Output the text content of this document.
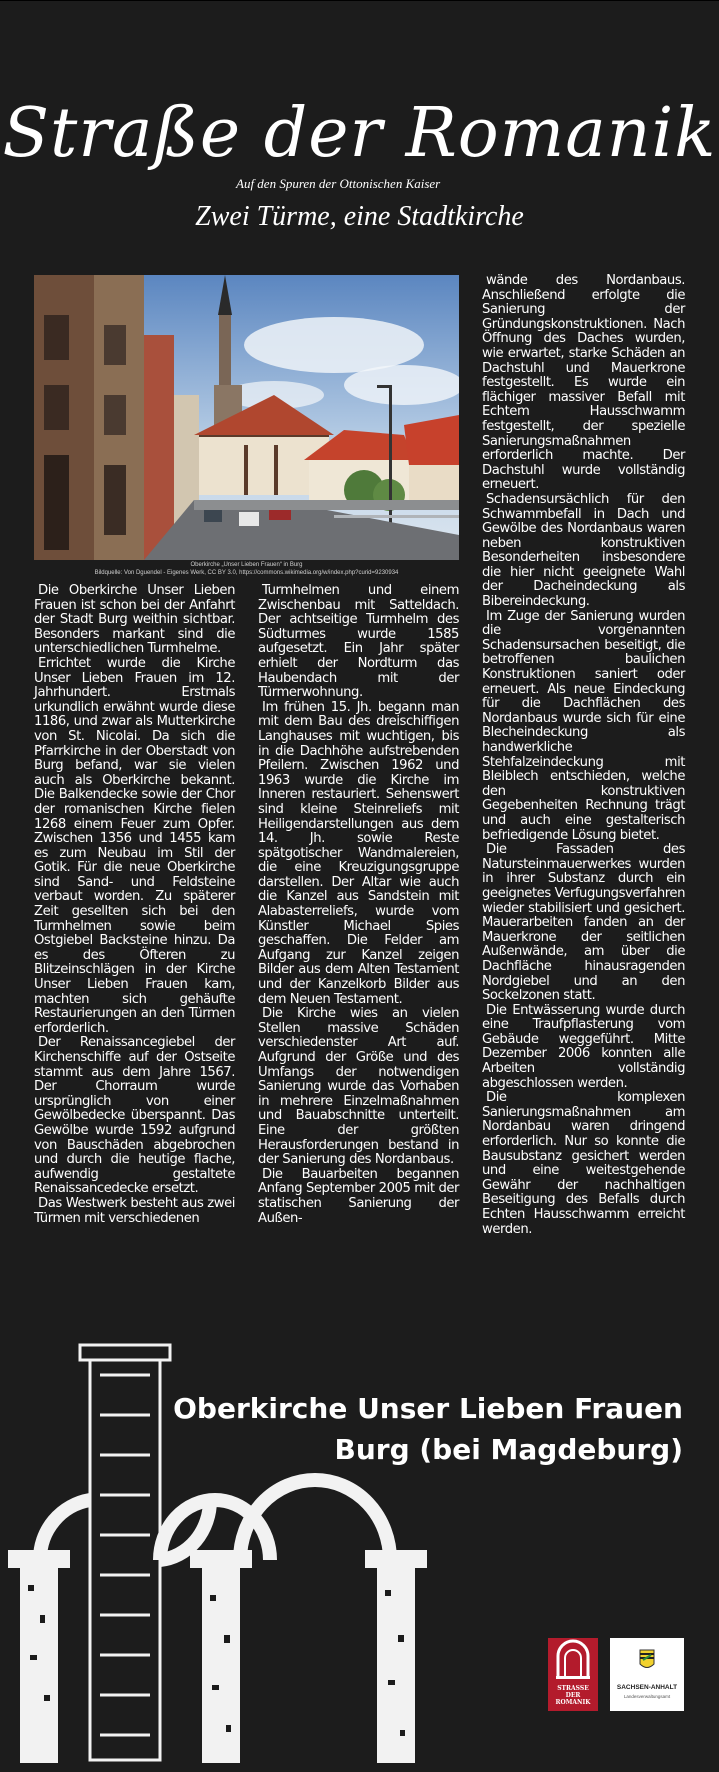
Straße der Romanik
Auf den Spuren der Ottonischen Kaiser
Zwei Türme, eine Stadtkirche
Oberkirche „Unser Lieben Frauen“ in Burg
Bildquelle: Von Dguendel - Eigenes Werk, CC BY 3.0, https://commons.wikimedia.org/w/index.php?curid=9230934

Die Oberkirche Unser Lieben Frauen ist schon bei der Anfahrt der Stadt Burg weithin sichtbar. Besonders markant sind die unterschiedlichen Turmhelme.

Errichtet wurde die Kirche Unser Lieben Frauen im 12. Jahrhundert. Erstmals urkundlich erwähnt wurde diese 1186, und zwar als Mutterkirche von St. Nicolai. Da sich die Pfarrkirche in der Oberstadt von Burg befand, war sie vielen auch als Oberkirche bekannt. Die Balkendecke sowie der Chor der romanischen Kirche fielen 1268 einem Feuer zum Opfer. Zwischen 1356 und 1455 kam es zum Neubau im Stil der Gotik. Für die neue Oberkirche sind Sand- und Feldsteine verbaut worden. Zu späterer Zeit gesellten sich bei den Turmhelmen sowie beim Ostgiebel Backsteine hinzu. Da es des Öfteren zu Blitzeinschlägen in der Kirche Unser Lieben Frauen kam, machten sich gehäufte Restaurierungen an den Türmen erforderlich.

Der Renaissancegiebel der Kirchenschiffe auf der Ostseite stammt aus dem Jahre 1567. Der Chorraum wurde ursprünglich von einer Gewölbedecke überspannt. Das Gewölbe wurde 1592 aufgrund von Bauschäden abgebrochen und durch die heutige flache, aufwendig gestaltete Renaissancedecke ersetzt.

Das Westwerk besteht aus zwei Türmen mit verschiedenen

Turmhelmen und einem Zwischenbau mit Satteldach. Der achtseitige Turmhelm des Südturmes wurde 1585 aufgesetzt. Ein Jahr später erhielt der Nordturm das Haubendach mit der Türmerwohnung.

Im frühen 15. Jh. begann man mit dem Bau des dreischiffigen Langhauses mit wuchtigen, bis in die Dachhöhe aufstrebenden Pfeilern. Zwischen 1962 und 1963 wurde die Kirche im Inneren restauriert. Sehenswert sind kleine Steinreliefs mit Heiligendarstellungen aus dem 14. Jh. sowie Reste spätgotischer Wandmalereien, die eine Kreuzigungsgruppe darstellen. Der Altar wie auch die Kanzel aus Sandstein mit Alabasterreliefs, wurde vom Künstler Michael Spies geschaffen. Die Felder am Aufgang zur Kanzel zeigen Bilder aus dem Alten Testament und der Kanzelkorb Bilder aus dem Neuen Testament.

Die Kirche wies an vielen Stellen massive Schäden verschiedenster Art auf. Aufgrund der Größe und des Umfangs der notwendigen Sanierung wurde das Vorhaben in mehrere Einzelmaßnahmen und Bauabschnitte unterteilt. Eine der größten Herausforderungen bestand in der Sanierung des Nordanbaus.

Die Bauarbeiten begannen Anfang September 2005 mit der statischen Sanierung der Außen-

wände des Nordanbaus. Anschließend erfolgte die Sanierung der Gründungskonstruktionen. Nach Öffnung des Daches wurden, wie erwartet, starke Schäden an Dachstuhl und Mauerkrone festgestellt. Es wurde ein flächiger massiver Befall mit Echtem Hausschwamm festgestellt, der spezielle Sanierungsmaßnahmen erforderlich machte. Der Dachstuhl wurde vollständig erneuert.

Schadensursächlich für den Schwammbefall in Dach und Gewölbe des Nordanbaus waren neben konstruktiven Besonderheiten insbesondere die hier nicht geeignete Wahl der Dacheindeckung als Bibereindeckung.

Im Zuge der Sanierung wurden die vorgenannten Schadensursachen beseitigt, die betroffenen baulichen Konstruktionen saniert oder erneuert. Als neue Eindeckung für die Dachflächen des Nordanbaus wurde sich für eine Blecheindeckung als handwerkliche Stehfalzeindeckung mit Bleiblech entschieden, welche den konstruktiven Gegebenheiten Rechnung trägt und auch eine gestalterisch befriedigende Lösung bietet.

Die Fassaden des Natursteinmauerwerkes wurden in ihrer Substanz durch ein geeignetes Verfugungsverfahren wieder stabilisiert und gesichert. Mauerarbeiten fanden an der Mauerkrone der seitlichen Außenwände, am über die Dachfläche hinausragenden Nordgiebel und an den Sockelzonen statt.

Die Entwässerung wurde durch eine Traufpflasterung vom Gebäude weggeführt. Mitte Dezember 2006 konnten alle Arbeiten vollständig abgeschlossen werden.

Die komplexen Sanierungsmaßnahmen am Nordanbau waren dringend erforderlich. Nur so konnte die Bausubstanz gesichert werden und eine weitestgehende Gewähr der nachhaltigen Beseitigung des Befalls durch Echten Hausschwamm erreicht werden.

Oberkirche Unser Lieben Frauen
Burg (bei Magdeburg)
STRASSE
DER
ROMANIK
SACHSEN-ANHALT
Landesverwaltungsamt
